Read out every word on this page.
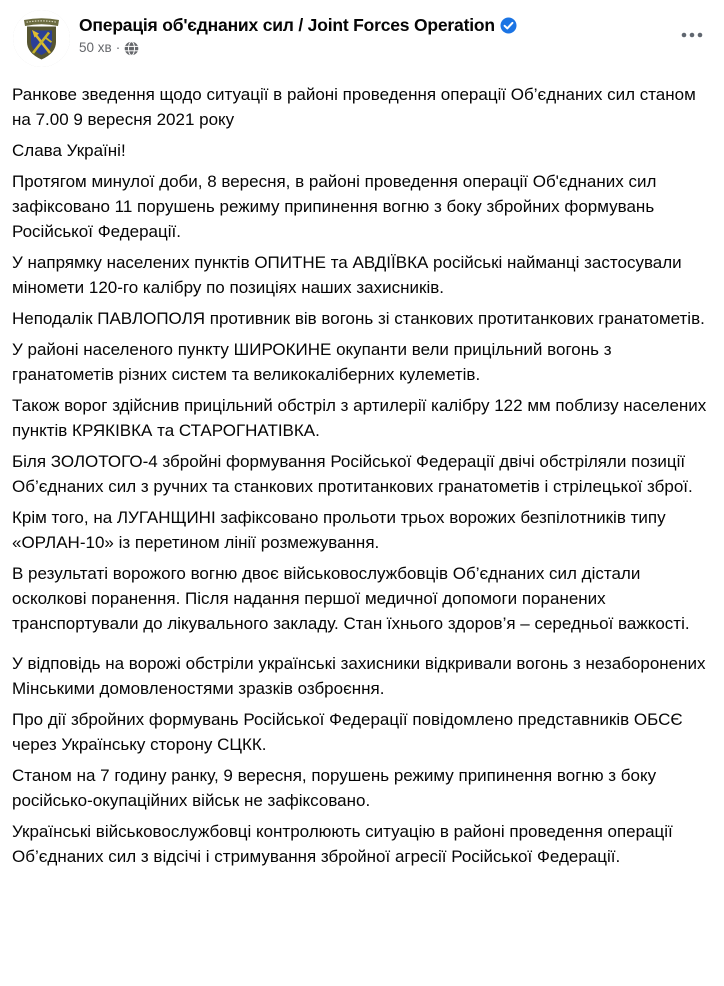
Операція об'єднаних сил / Joint Forces Operation
50 хв ·

Ранкове зведення щодо ситуації в районі проведення операції Об’єднаних сил станом на 7.00 9 вересня 2021 року

Слава Україні!

Протягом минулої доби, 8 вересня, в районі проведення операції Об'єднаних сил зафіксовано 11 порушень режиму припинення вогню з боку збройних формувань Російської Федерації.

У напрямку населених пунктів ОПИТНЕ та АВДІЇВКА російські найманці застосували міномети 120-го калібру по позиціях наших захисників.

Неподалік ПАВЛОПОЛЯ противник вів вогонь зі станкових протитанкових гранатометів.

У районі населеного пункту ШИРОКИНЕ окупанти вели прицільний вогонь з гранатометів різних систем та великокаліберних кулеметів.

Також ворог здійснив прицільний обстріл з артилерії калібру 122 мм поблизу населених пунктів КРЯКІВКА та СТАРОГНАТІВКА.

Біля ЗОЛОТОГО-4 збройні формування Російської Федерації двічі обстріляли позиції Об’єднаних сил з ручних та станкових протитанкових гранатометів і стрілецької зброї.

Крім того, на ЛУГАНЩИНІ зафіксовано прольоти трьох ворожих безпілотників типу «ОРЛАН-10» із перетином лінії розмежування.

В результаті ворожого вогню двоє військовослужбовців Об’єднаних сил дістали осколкові поранення. Після надання першої медичної допомоги поранених транспортували до лікувального закладу. Стан їхнього здоров’я – середньої важкості.

У відповідь на ворожі обстріли українські захисники відкривали вогонь з незаборонених Мінськими домовленостями зразків озброєння.

Про дії збройних формувань Російської Федерації повідомлено представників ОБСЄ через Українську сторону СЦКК.

Станом на 7 годину ранку, 9 вересня, порушень режиму припинення вогню з боку російсько-окупаційних військ не зафіксовано.

Українські військовослужбовці контролюють ситуацію в районі проведення операції Об’єднаних сил з відсічі і стримування збройної агресії Російської Федерації.
